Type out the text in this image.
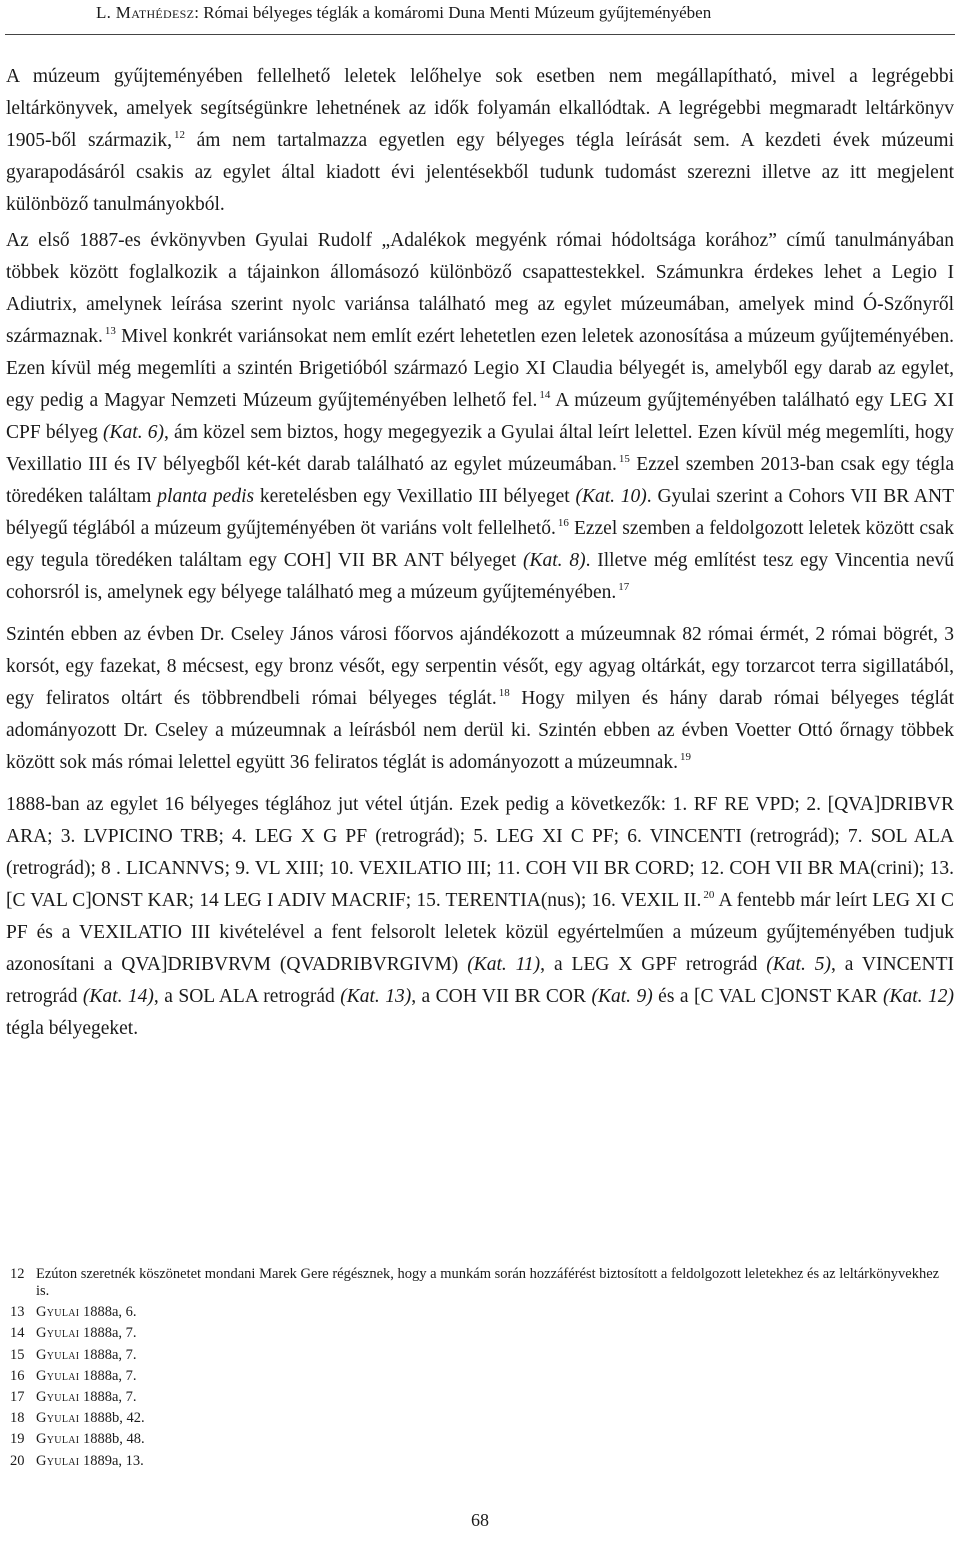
L. Mathédesz: Római bélyeges téglák a komáromi Duna Menti Múzeum gyűjteményében

A múzeum gyűjteményében fellelhető leletek lelőhelye sok esetben nem megállapítható, mivel a legrégebbi leltárkönyvek, amelyek segítségünkre lehetnének az idők folyamán elkallódtak. A legrégebbi megmaradt leltárkönyv 1905-ből származik, $^{12}$ ám nem tartalmazza egyetlen egy bélyeges tégla leírását sem. A kezdeti évek múzeumi gyarapodásáról csakis az egylet által kiadott évi jelentésekből tudunk tudomást szerezni illetve az itt megjelent különböző tanulmányokból.

Az első 1887-es évkönyvben Gyulai Rudolf „Adalékok megyénk római hódoltsága korához” című tanulmányában többek között foglalkozik a tájainkon állomásozó különböző csapattestekkel. Számunkra érdekes lehet a Legio I Adiutrix, amelynek leírása szerint nyolc variánsa található meg az egylet múzeumában, amelyek mind Ó-Szőnyről származnak. $^{13}$ Mivel konkrét variánsokat nem említ ezért lehetetlen ezen leletek azonosítása a múzeum gyűjteményében. Ezen kívül még megemlíti a szintén Brigetióból származó Legio XI Claudia bélyegét is, amelyből egy darab az egylet, egy pedig a Magyar Nemzeti Múzeum gyűjteményében lelhető fel. $^{14}$ A múzeum gyűjteményében található egy LEG XI CPF bélyeg (Kat. 6), ám közel sem biztos, hogy megegyezik a Gyulai által leírt lelettel. Ezen kívül még megemlíti, hogy Vexillatio III és IV bélyegből két-két darab található az egylet múzeumában. $^{15}$ Ezzel szemben 2013-ban csak egy tégla töredéken találtam planta pedis keretelésben egy Vexillatio III bélyeget (Kat. 10). Gyulai szerint a Cohors VII BR ANT bélyegű téglából a múzeum gyűjteményében öt variáns volt fellelhető. $^{16}$ Ezzel szemben a feldolgozott leletek között csak egy tegula töredéken találtam egy COH] VII BR ANT bélyeget (Kat. 8). Illetve még említést tesz egy Vincentia nevű cohorsról is, amelynek egy bélyege található meg a múzeum gyűjteményében. $^{17}$

Szintén ebben az évben Dr. Cseley János városi főorvos ajándékozott a múzeumnak 82 római érmét, 2 római bögrét, 3 korsót, egy fazekat, 8 mécsest, egy bronz vésőt, egy serpentin vésőt, egy agyag oltárkát, egy torzarcot terra sigillatából, egy feliratos oltárt és többrendbeli római bélyeges téglát. $^{18}$ Hogy milyen és hány darab római bélyeges téglát adományozott Dr. Cseley a múzeumnak a leírásból nem derül ki. Szintén ebben az évben Voetter Ottó őrnagy többek között sok más római lelettel együtt 36 feliratos téglát is adományozott a múzeumnak. $^{19}$

1888-ban az egylet 16 bélyeges téglához jut vétel útján. Ezek pedig a következők: 1. RF RE VPD; 2. [QVA]DRIBVR ARA; 3. LVPICINO TRB; 4. LEG X G PF (retrográd); 5. LEG XI C PF; 6. VINCENTI (retrográd); 7. SOL ALA (retrográd); 8 . LICANNVS; 9. VL XIII; 10. VEXILATIO III; 11. COH VII BR CORD; 12. COH VII BR MA(crini); 13. [C VAL C]ONST KAR; 14 LEG I ADIV MACRIF; 15. TERENTIA(nus); 16. VEXIL II. $^{20}$ A fentebb már leírt LEG XI C PF és a VEXILATIO III kivételével a fent felsorolt leletek közül egyértelműen a múzeum gyűjteményében tudjuk azonosítani a QVA]DRIBVRVM (QVADRIBVRGIVM) (Kat. 11), a LEG X GPF retrográd (Kat. 5), a VINCENTI retrográd (Kat. 14), a SOL ALA retrográd (Kat. 13), a COH VII BR COR (Kat. 9) és a [C VAL C]ONST KAR (Kat. 12) tégla bélyegeket.

12 Ezúton szeretnék köszönetet mondani Marek Gere régésznek, hogy a munkám során hozzáférést biztosított a feldolgozott leletekhez és az leltárkönyvekhez is.
13 Gyulai 1888a, 6.
14 Gyulai 1888a, 7.
15 Gyulai 1888a, 7.
16 Gyulai 1888a, 7.
17 Gyulai 1888a, 7.
18 Gyulai 1888b, 42.
19 Gyulai 1888b, 48.
20 Gyulai 1889a, 13.
68
